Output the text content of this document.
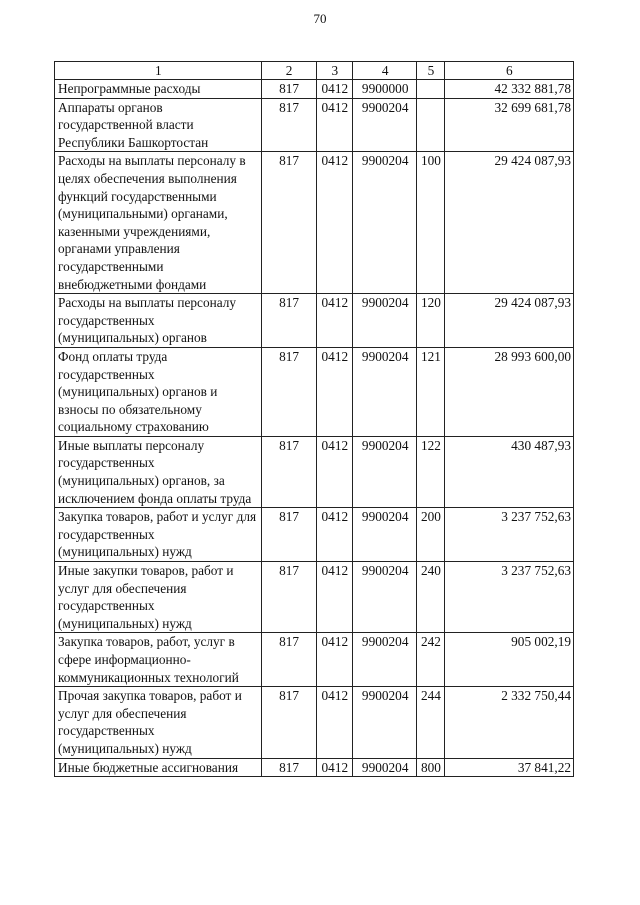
70
1	2	3	4	5	6
Непрограммные расходы	817	0412	9900000		42 332 881,78
Аппараты органов государственной власти Республики Башкортостан	817	0412	9900204		32 699 681,78
Расходы на выплаты персоналу в целях обеспечения выполнения функций государственными (муниципальными) органами, казенными учреждениями, органами управления государственными внебюджетными фондами	817	0412	9900204	100	29 424 087,93
Расходы на выплаты персоналу государственных (муниципальных) органов	817	0412	9900204	120	29 424 087,93
Фонд оплаты труда государственных (муниципальных) органов и взносы по обязательному социальному страхованию	817	0412	9900204	121	28 993 600,00
Иные выплаты персоналу государственных (муниципальных) органов, за исключением фонда оплаты труда	817	0412	9900204	122	430 487,93
Закупка товаров, работ и услуг для государственных (муниципальных) нужд	817	0412	9900204	200	3 237 752,63
Иные закупки товаров, работ и услуг для обеспечения государственных (муниципальных) нужд	817	0412	9900204	240	3 237 752,63
Закупка товаров, работ, услуг в сфере информационно-коммуникационных технологий	817	0412	9900204	242	905 002,19
Прочая закупка товаров, работ и услуг для обеспечения государственных (муниципальных) нужд	817	0412	9900204	244	2 332 750,44
Иные бюджетные ассигнования	817	0412	9900204	800	37 841,22
